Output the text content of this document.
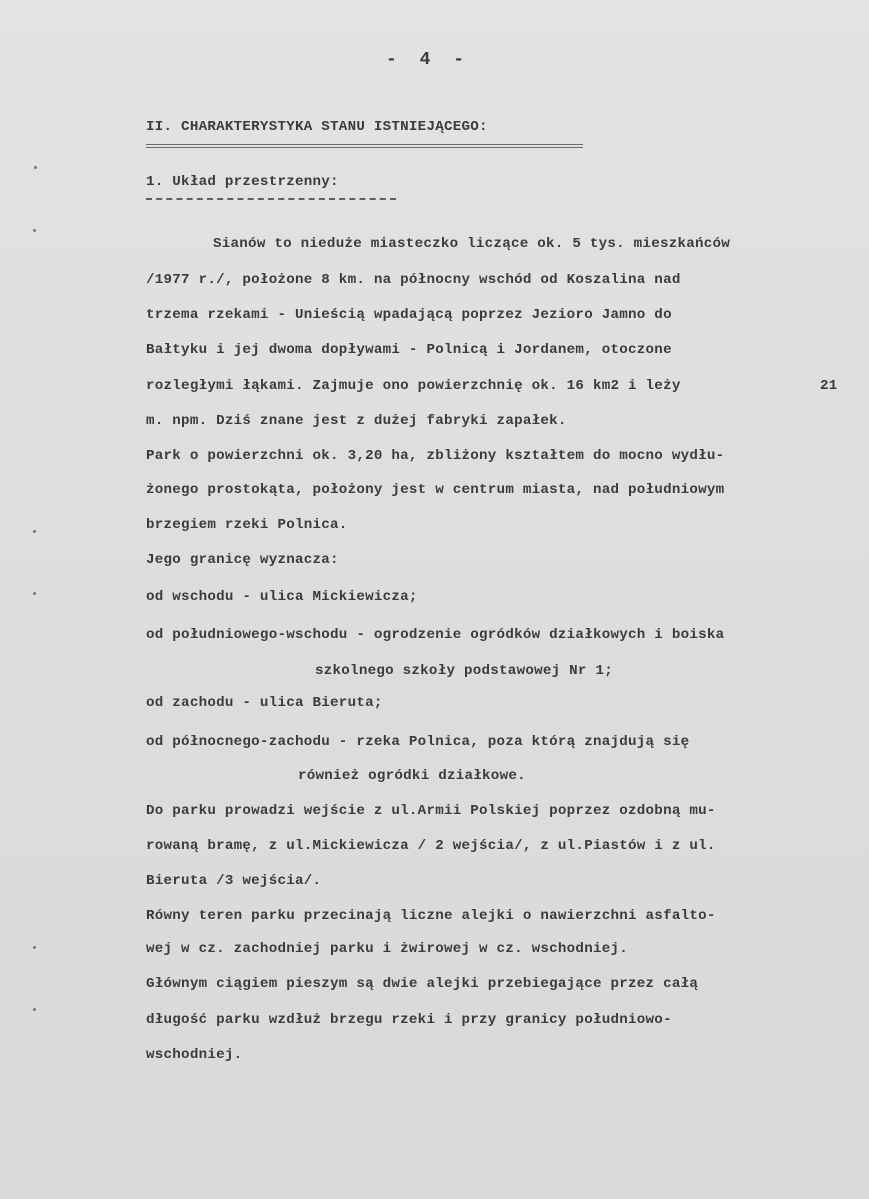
- 4 -
II. CHARAKTERYSTYKA STANU ISTNIEJĄCEGO:
1. Układ przestrzenny:
Sianów to nieduże miasteczko liczące ok. 5 tys. mieszkańców
/1977 r./, położone 8 km. na północny wschód od Koszalina nad
trzema rzekami - Unieścią wpadającą poprzez Jezioro Jamno do
Bałtyku i jej dwoma dopływami - Polnicą i Jordanem, otoczone
rozległymi łąkami. Zajmuje ono powierzchnię ok. 16 km2 i leży	21
m. npm. Dziś znane jest z dużej fabryki zapałek.
Park o powierzchni ok. 3,20 ha, zbliżony kształtem do mocno wydłu-
żonego prostokąta, położony jest w centrum miasta, nad południowym
brzegiem rzeki Polnica.
Jego granicę wyznacza:
od wschodu - ulica Mickiewicza;
od południowego-wschodu - ogrodzenie ogródków działkowych i boiska
szkolnego szkoły podstawowej Nr 1;
od zachodu - ulica Bieruta;
od północnego-zachodu - rzeka Polnica, poza którą znajdują się
również ogródki działkowe.
Do parku prowadzi wejście z ul.Armii Polskiej poprzez ozdobną mu-
rowaną bramę, z ul.Mickiewicza / 2 wejścia/, z ul.Piastów i z ul.
Bieruta /3 wejścia/.
Równy teren parku przecinają liczne alejki o nawierzchni asfalto-
wej w cz. zachodniej parku i żwirowej w cz. wschodniej.
Głównym ciągiem pieszym są dwie alejki przebiegające przez całą
długość parku wzdłuż brzegu rzeki i przy granicy południowo-
wschodniej.
